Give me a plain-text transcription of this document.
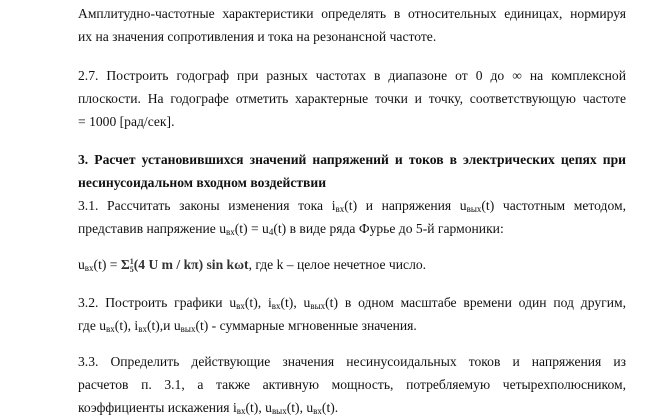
Амплитудно-частотные характеристики определять в относительных единицах, нормируя
их на значения сопротивления и тока на резонансной частоте.
2.7. Построить годограф при разных частотах в диапазоне от 0 до ∞ на комплексной
плоскости. На годографе отметить характерные точки и точку, соответствующую частоте
= 1000 [рад/сек].
3. Расчет установившихся значений напряжений и токов в электрических цепях при
несинусоидальном входном воздействии
3.1. Рассчитать законы изменения тока $i_{вх}(t)$ и напряжения $u_{вых}(t)$ частотным методом,
представив напряжение $u_{вх}(t) = u_4(t)$ в виде ряда Фурье до 5-й гармоники:
$u_{вх}(t) = \Sigma$ 1
5 (4 U m / kπ) sin kωt, где k – целое нечетное число.
3.2. Построить графики $u_{вх}(t)$, $i_{вх}(t)$, $u_{вых}(t)$ в одном масштабе времени один под другим,
где $u_{вх}(t)$, $i_{вх}(t),и$ $u_{вых}(t)$ - суммарные мгновенные значения.
3.3. Определить действующие значения несинусоидальных токов и напряжения из
расчетов п. 3.1, а также активную мощность, потребляемую четырехполюсником,
коэффициенты искажения $i_{вх}(t)$, $u_{вых}(t)$, $u_{вх}(t)$.
